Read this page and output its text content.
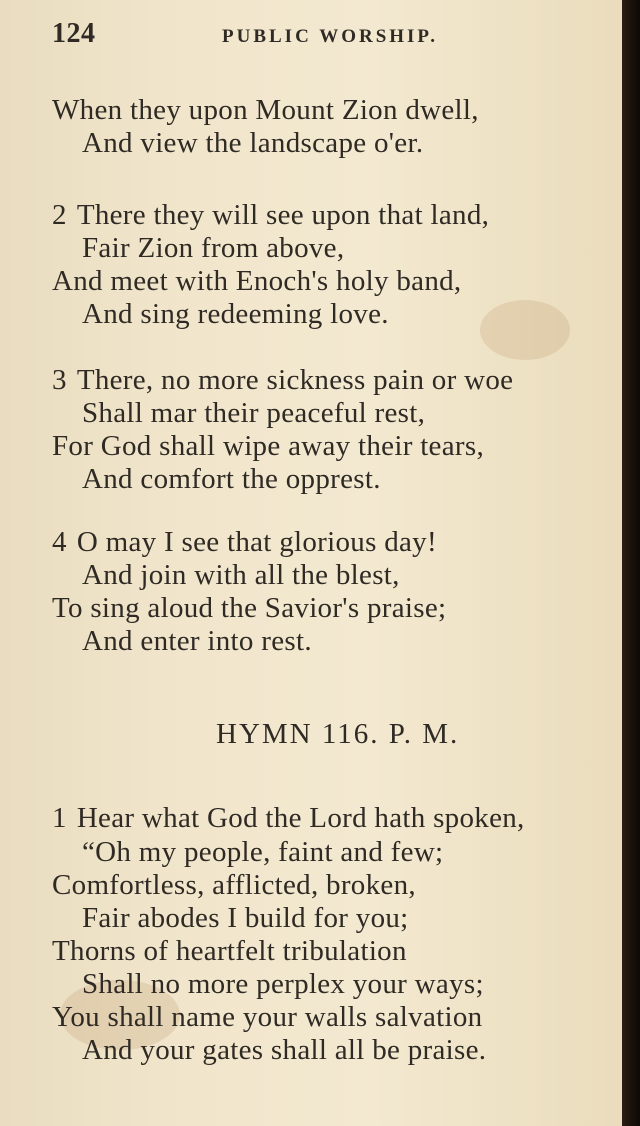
124	PUBLIC WORSHIP.
When they upon Mount Zion dwell,
And view the landscape o'er.
2 There they will see upon that land,
Fair Zion from above,
And meet with Enoch's holy band,
And sing redeeming love.
3 There, no more sickness pain or woe
Shall mar their peaceful rest,
For God shall wipe away their tears,
And comfort the opprest.
4 O may I see that glorious day!
And join with all the blest,
To sing aloud the Savior's praise;
And enter into rest.
HYMN 116. P. M.
1 Hear what God the Lord hath spoken,
“Oh my people, faint and few;
Comfortless, afflicted, broken,
Fair abodes I build for you;
Thorns of heartfelt tribulation
Shall no more perplex your ways;
You shall name your walls salvation
And your gates shall all be praise.
